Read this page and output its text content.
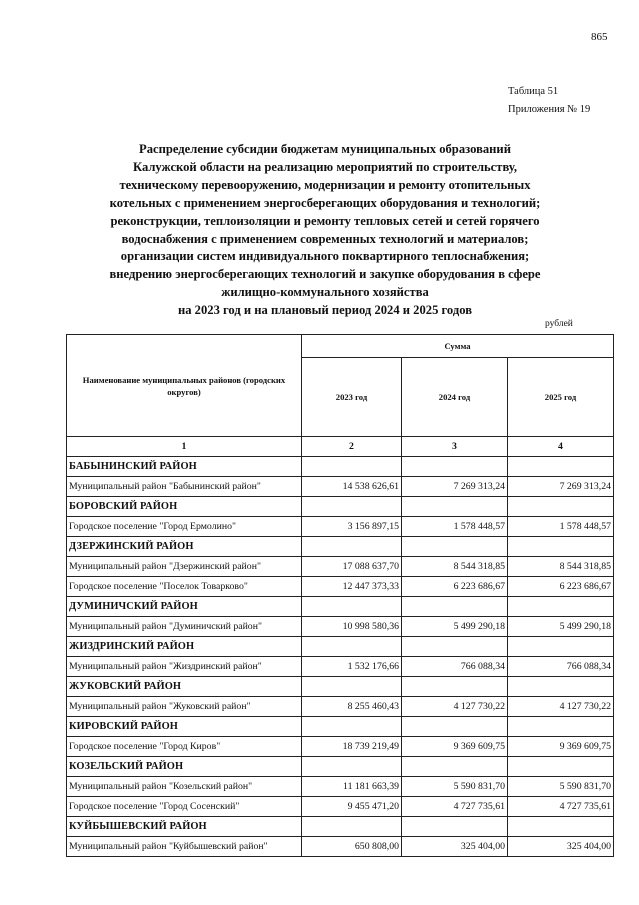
865
Таблица 51
Приложения № 19
Распределение субсидии бюджетам муниципальных образований
Калужской области на реализацию мероприятий по строительству,
техническому перевооружению, модернизации и ремонту отопительных
котельных с применением энергосберегающих оборудования и технологий;
реконструкции, теплоизоляции и ремонту тепловых сетей и сетей горячего
водоснабжения с применением современных технологий и материалов;
организации систем индивидуального поквартирного теплоснабжения;
внедрению энергосберегающих технологий и закупке оборудования в сфере
жилищно-коммунального хозяйства
на 2023 год и на плановый период 2024 и 2025 годов
рублей
Наименование муниципальных районов (городских округов)	Сумма		
	2023 год	2024 год	2025 год
1	2	3	4
БАБЫНИНСКИЙ РАЙОН			
Муниципальный район "Бабынинский район"	14 538 626,61	7 269 313,24	7 269 313,24
БОРОВСКИЙ РАЙОН			
Городское поселение "Город Ермолино"	3 156 897,15	1 578 448,57	1 578 448,57
ДЗЕРЖИНСКИЙ РАЙОН			
Муниципальный район "Дзержинский район"	17 088 637,70	8 544 318,85	8 544 318,85
Городское поселение "Поселок Товарково"	12 447 373,33	6 223 686,67	6 223 686,67
ДУМИНИЧСКИЙ РАЙОН			
Муниципальный район "Думиничский район"	10 998 580,36	5 499 290,18	5 499 290,18
ЖИЗДРИНСКИЙ РАЙОН			
Муниципальный район "Жиздринский район"	1 532 176,66	766 088,34	766 088,34
ЖУКОВСКИЙ РАЙОН			
Муниципальный район "Жуковский район"	8 255 460,43	4 127 730,22	4 127 730,22
КИРОВСКИЙ РАЙОН			
Городское поселение "Город Киров"	18 739 219,49	9 369 609,75	9 369 609,75
КОЗЕЛЬСКИЙ РАЙОН			
Муниципальный район "Козельский район"	11 181 663,39	5 590 831,70	5 590 831,70
Городское поселение "Город Сосенский"	9 455 471,20	4 727 735,61	4 727 735,61
КУЙБЫШЕВСКИЙ РАЙОН			
Муниципальный район "Куйбышевский район"	650 808,00	325 404,00	325 404,00
